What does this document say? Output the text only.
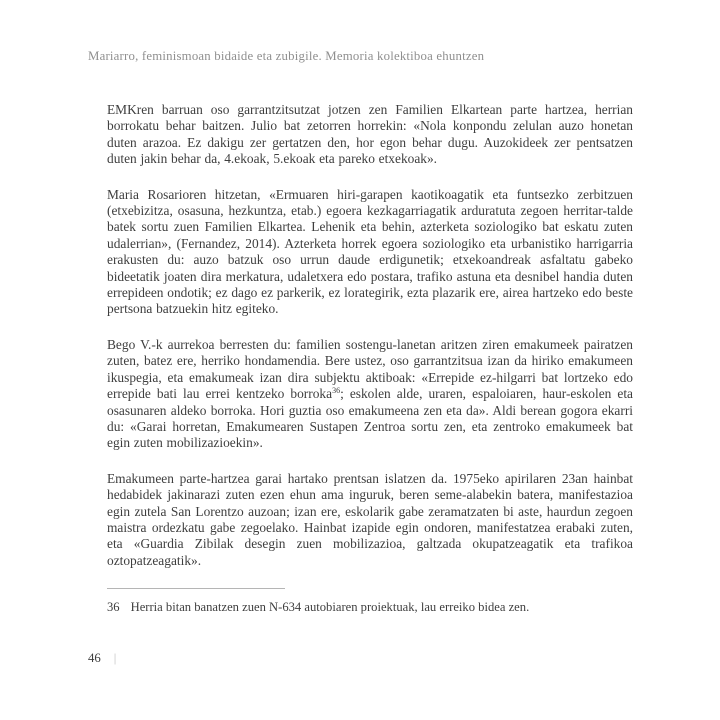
Mariarro, feminismoan bidaide eta zubigile. Memoria kolektiboa ehuntzen

EMKren barruan oso garrantzitsutzat jotzen zen Familien Elkartean parte hartzea, herrian borrokatu behar baitzen. Julio bat zetorren horrekin: «Nola konpondu zelulan auzo honetan duten arazoa. Ez dakigu zer gertatzen den, hor egon behar dugu. Auzokideek zer pentsatzen duten jakin behar da, 4.ekoak, 5.ekoak eta pareko etxekoak».

Maria Rosarioren hitzetan, «Ermuaren hiri-garapen kaotikoagatik eta funtsezko zerbitzuen (etxebizitza, osasuna, hezkuntza, etab.) egoera kezkagarriagatik arduratuta zegoen herritar-talde batek sortu zuen Familien Elkartea. Lehenik eta behin, azterketa soziologiko bat eskatu zuten udalerrian», (Fernandez, 2014). Azterketa horrek egoera soziologiko eta urbanistiko harrigarria erakusten du: auzo batzuk oso urrun daude erdigunetik; etxekoandreak asfaltatu gabeko bideetatik joaten dira merkatura, udaletxera edo postara, trafiko astuna eta desnibel handia duten errepideen ondotik; ez dago ez parkerik, ez lorategirik, ezta plazarik ere, airea hartzeko edo beste pertsona batzuekin hitz egiteko.

Bego V.-k aurrekoa berresten du: familien sostengu-lanetan aritzen ziren emakumeek pairatzen zuten, batez ere, herriko hondamendia. Bere ustez, oso garrantzitsua izan da hiriko emakumeen ikuspegia, eta emakumeak izan dira subjektu aktiboak: «Errepide ez-hilgarri bat lortzeko edo errepide bati lau errei kentzeko borroka$^{36}$; eskolen alde, uraren, espaloiaren, haur-eskolen eta osasunaren aldeko borroka. Hori guztia oso emakumeena zen eta da». Aldi berean gogora ekarri du: «Garai horretan, Emakumearen Sustapen Zentroa sortu zen, eta zentroko emakumeek bat egin zuten mobilizazioekin».

Emakumeen parte-hartzea garai hartako prentsan islatzen da. 1975eko apirilaren 23an hainbat hedabidek jakinarazi zuten ezen ehun ama inguruk, beren seme-alabekin batera, manifestazioa egin zutela San Lorentzo auzoan; izan ere, eskolarik gabe zeramatzaten bi aste, haurdun zegoen maistra ordezkatu gabe zegoelako. Hainbat izapide egin ondoren, manifestatzea erabaki zuten, eta «Guardia Zibilak desegin zuen mobilizazioa, galtzada okupatzeagatik eta trafikoa oztopatzeagatik».

36 Herria bitan banatzen zuen N-634 autobiaren proiektuak, lau erreiko bidea zen.
46 |
